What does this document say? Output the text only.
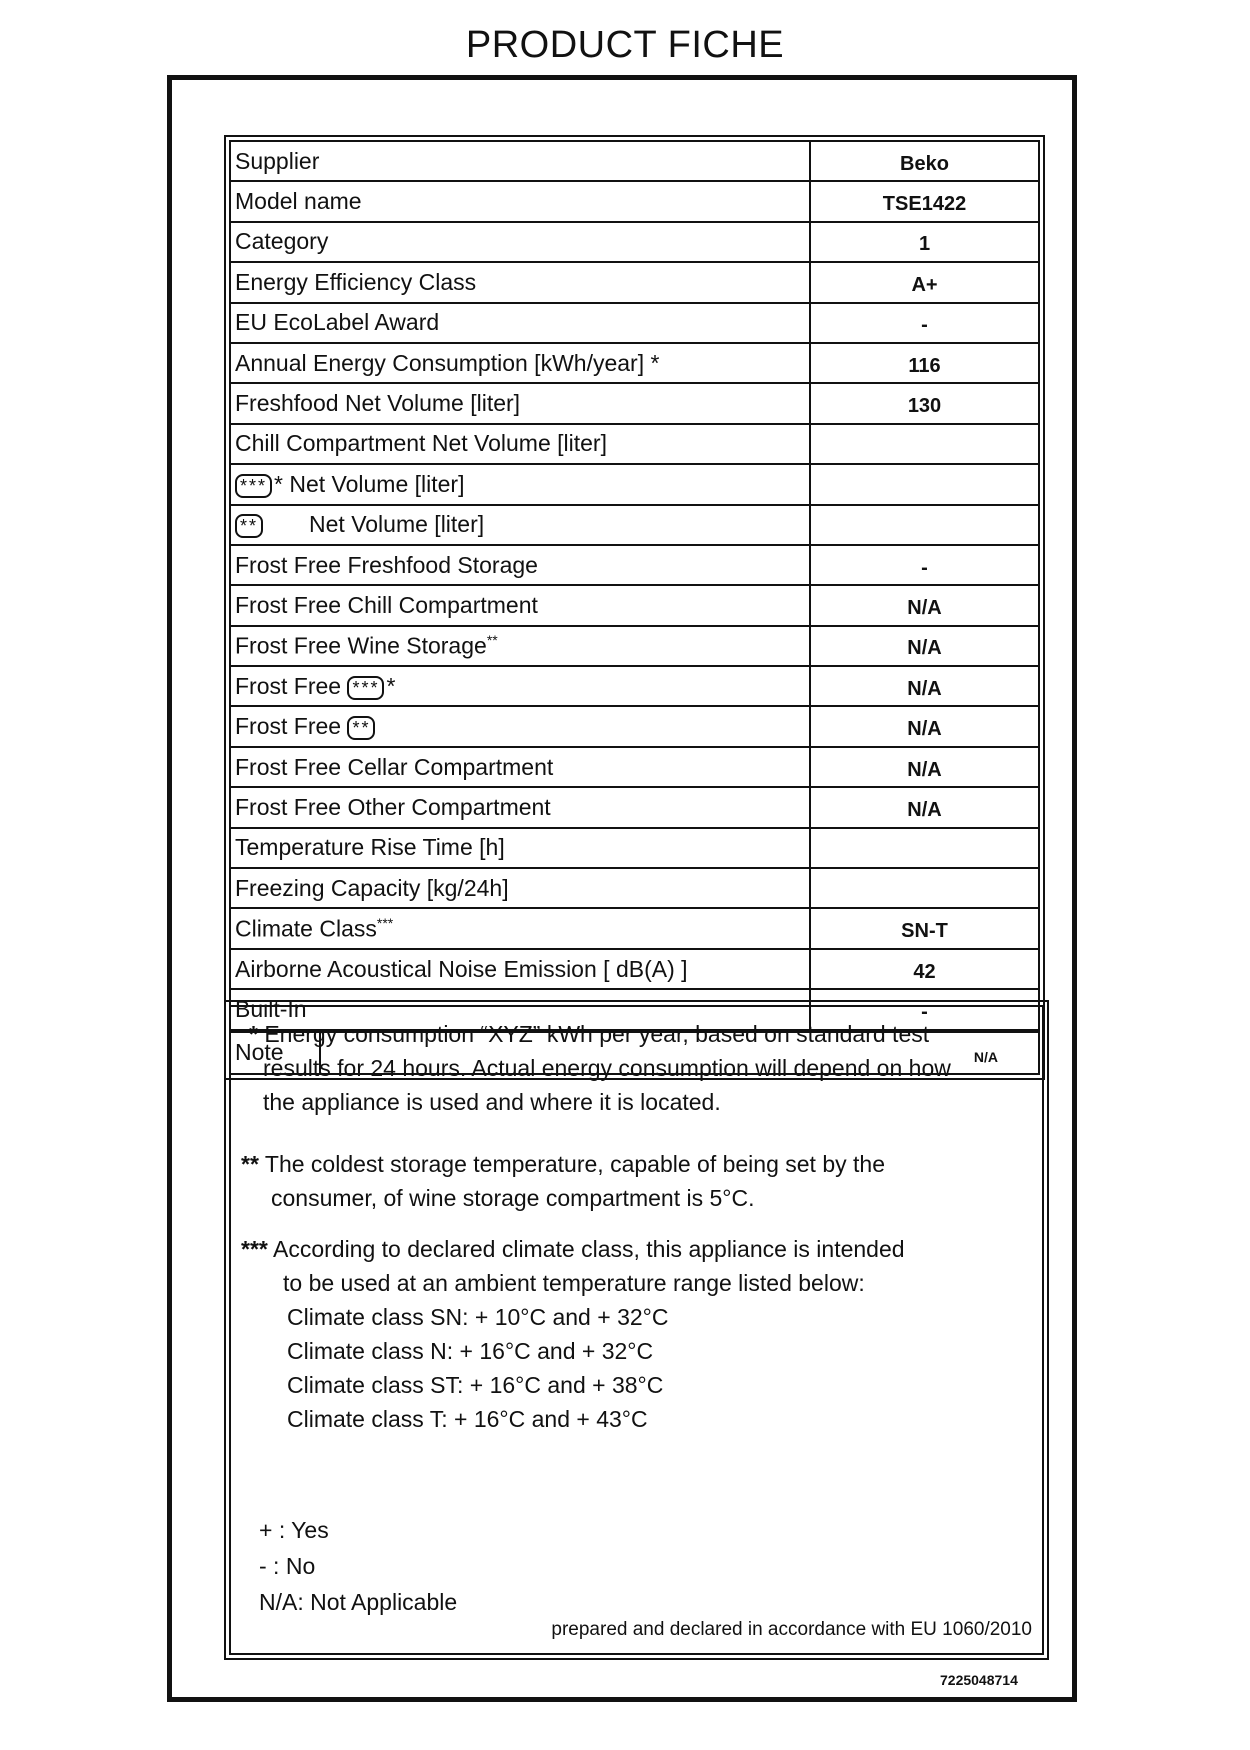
PRODUCT FICHE
Supplier	Beko
Model name	TSE1422
Category	1
Energy Efficiency Class	A+
EU EcoLabel Award	-
Annual Energy Consumption [kWh/year] *	116
Freshfood Net Volume [liter]	130
Chill Compartment Net Volume [liter]	
*** * Net Volume [liter]	
** Net Volume [liter]	
Frost Free Freshfood Storage	-
Frost Free Chill Compartment	N/A
Frost Free Wine Storage**	N/A
Frost Free *** *	N/A
Frost Free **	N/A
Frost Free Cellar Compartment	N/A
Frost Free Other Compartment	N/A
Temperature Rise Time [h]	
Freezing Capacity [kg/24h]	
Climate Class***	SN-T
Airborne Acoustical Noise Emission [ dB(A) ]	42
Built-In	-
Note	N/A
* Energy consumption “XYZ” kWh per year, based on standard test
results for 24 hours. Actual energy consumption will depend on how
the appliance is used and where it is located.
** The coldest storage temperature, capable of being set by the
consumer, of wine storage compartment is 5°C.
*** According to declared climate class, this appliance is intended
to be used at an ambient temperature range listed below:
Climate class SN: + 10°C and + 32°C
Climate class N: + 16°C and + 32°C
Climate class ST: + 16°C and + 38°C
Climate class T: + 16°C and + 43°C
+ : Yes
- : No
N/A: Not Applicable
prepared and declared in accordance with EU 1060/2010
7225048714
